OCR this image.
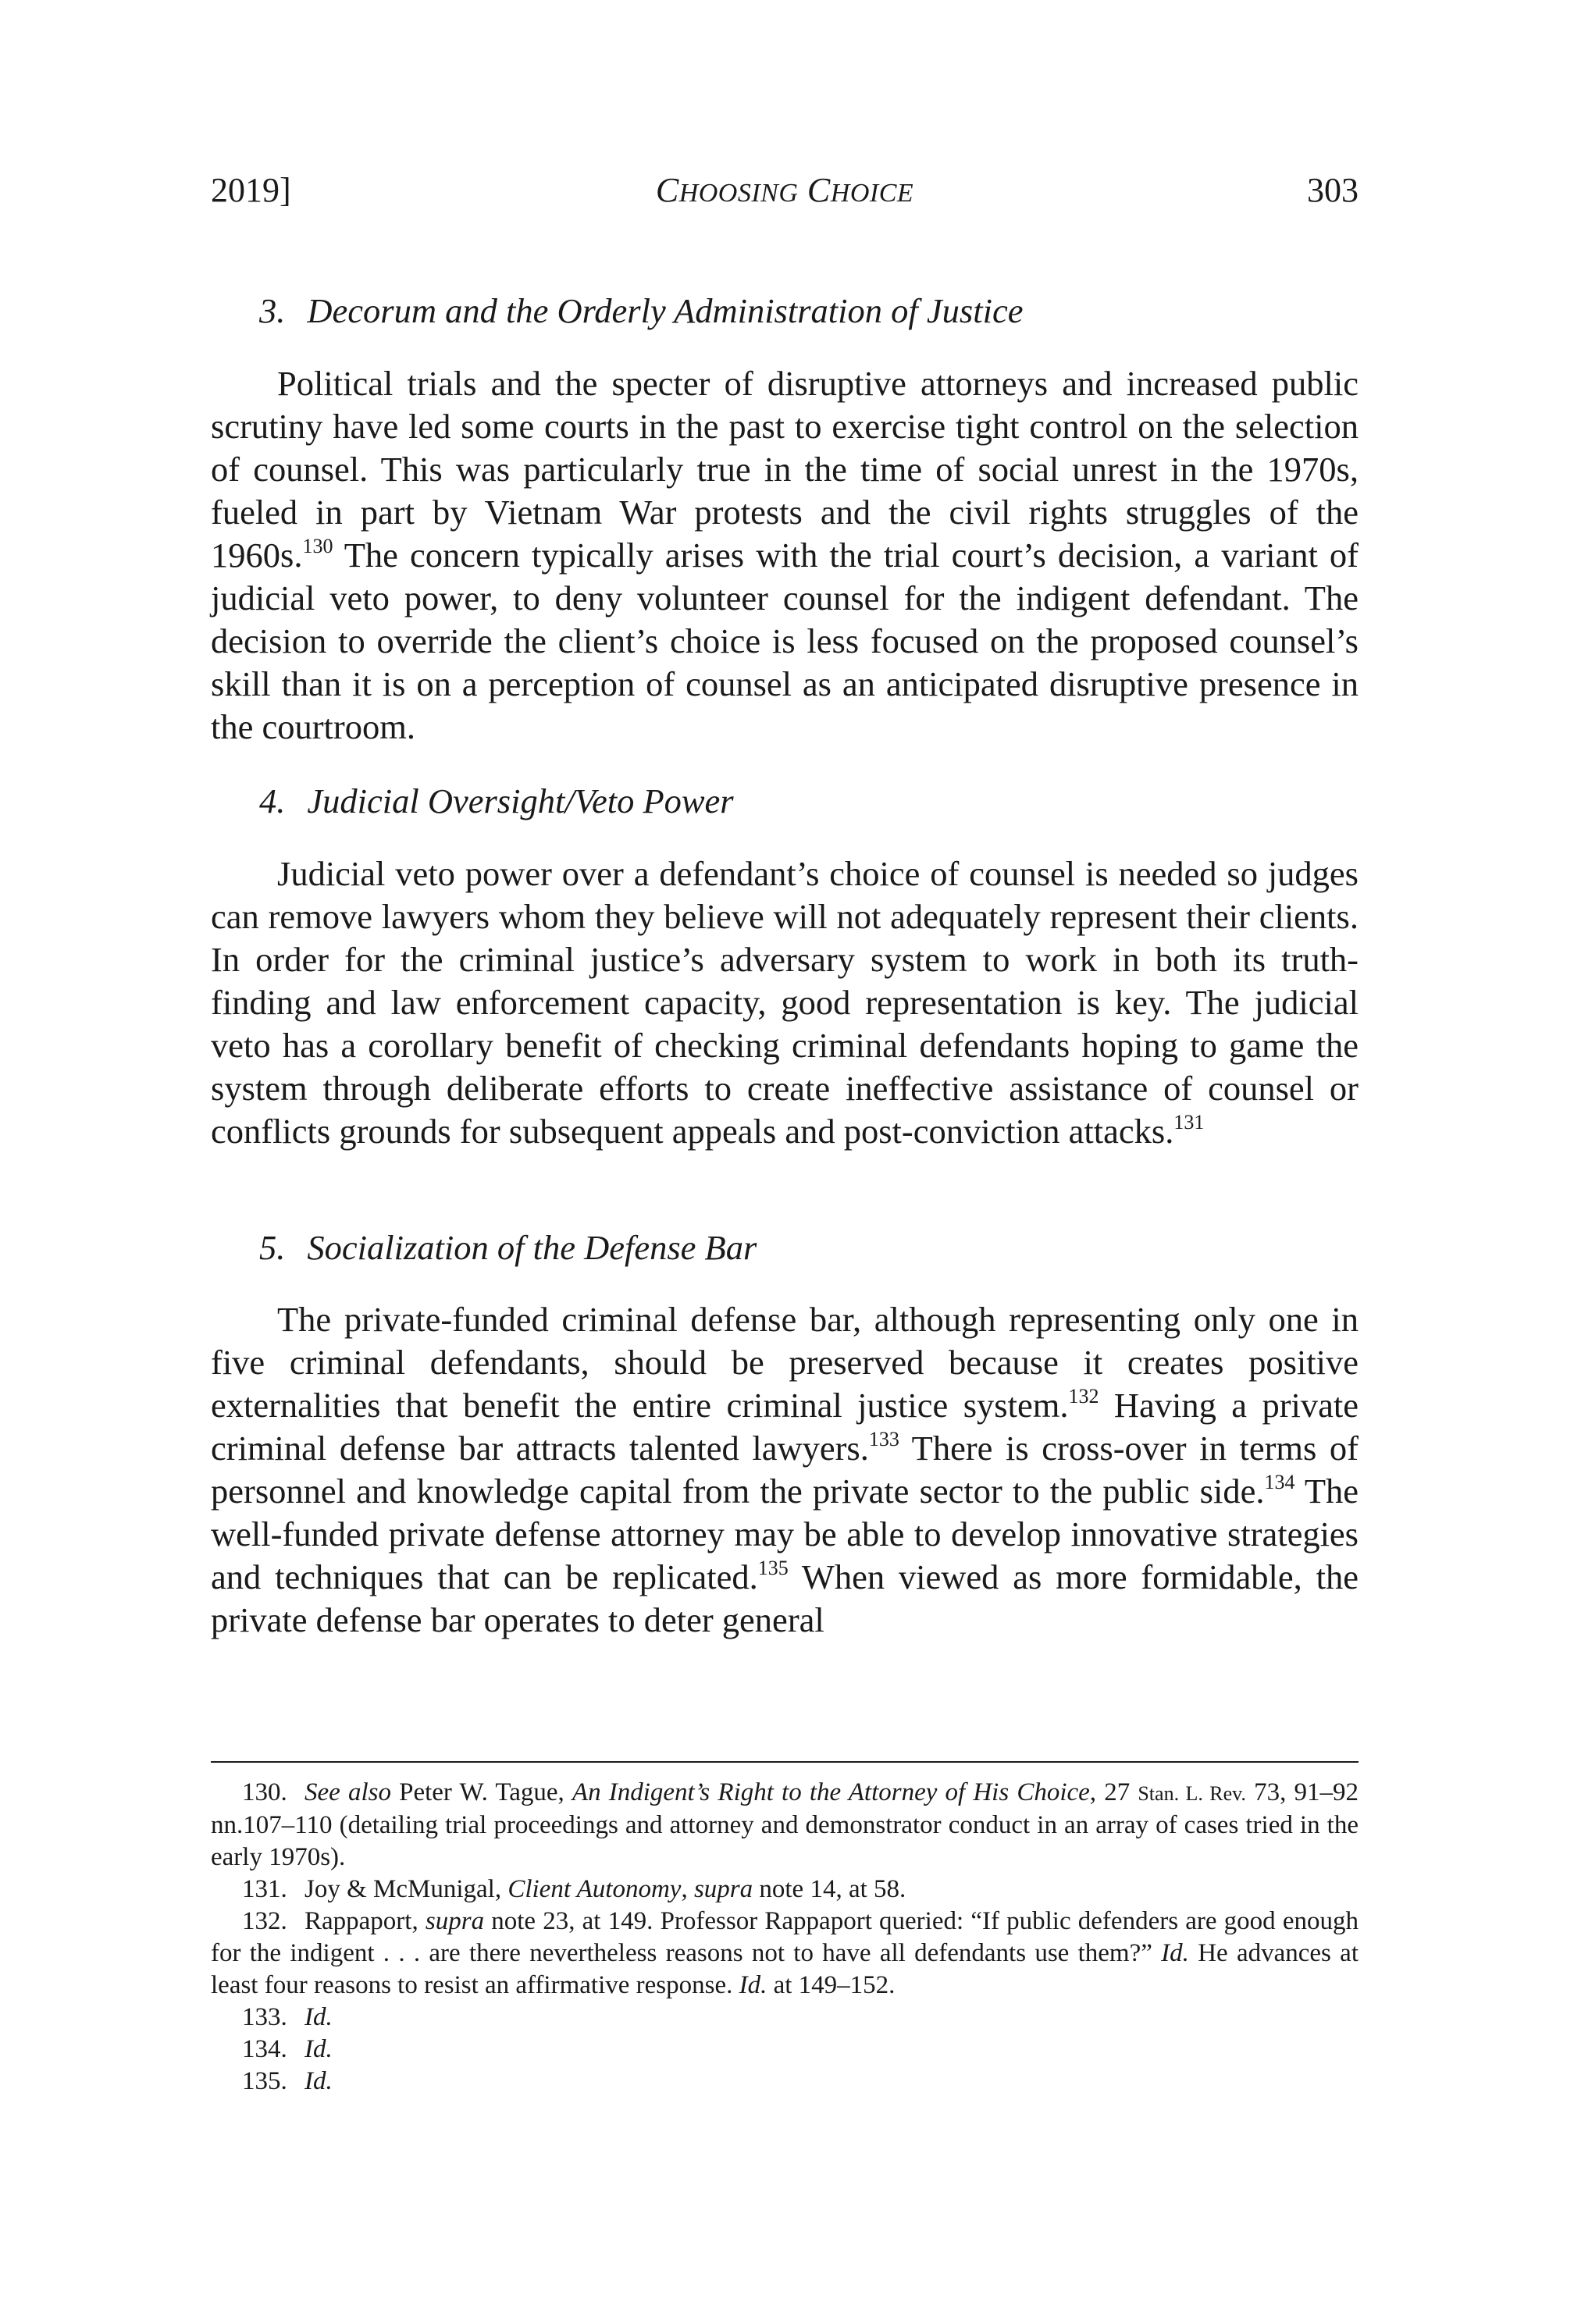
2019]	CHOOSING CHOICE	303
3. Decorum and the Orderly Administration of Justice

Political trials and the specter of disruptive attorneys and increased public scrutiny have led some courts in the past to exercise tight control on the selection of counsel. This was particularly true in the time of social unrest in the 1970s, fueled in part by Vietnam War protests and the civil rights struggles of the 1960s.$^{130}$ The concern typically arises with the trial court’s decision, a variant of judicial veto power, to deny volunteer counsel for the indigent defendant. The decision to override the client’s choice is less focused on the proposed counsel’s skill than it is on a perception of counsel as an anticipated disruptive presence in the courtroom.

4. Judicial Oversight/Veto Power

Judicial veto power over a defendant’s choice of counsel is needed so judges can remove lawyers whom they believe will not adequately represent their clients. In order for the criminal justice’s adversary system to work in both its truth-finding and law enforcement capacity, good representation is key. The judicial veto has a corollary benefit of checking criminal defendants hoping to game the system through deliberate efforts to create ineffective assistance of counsel or conflicts grounds for subsequent appeals and post-conviction attacks.$^{131}$

5. Socialization of the Defense Bar

The private-funded criminal defense bar, although representing only one in five criminal defendants, should be preserved because it creates positive externalities that benefit the entire criminal justice system.$^{132}$ Having a private criminal defense bar attracts talented lawyers.$^{133}$ There is cross-over in terms of personnel and knowledge capital from the private sector to the public side.$^{134}$ The well-funded private defense attorney may be able to develop innovative strategies and techniques that can be replicated.$^{135}$ When viewed as more formidable, the private defense bar operates to deter general

130. See also Peter W. Tague, An Indigent’s Right to the Attorney of His Choice, 27 Stan. L. Rev. 73, 91–92 nn.107–110 (detailing trial proceedings and attorney and demonstrator conduct in an array of cases tried in the early 1970s).

131. Joy & McMunigal, Client Autonomy, supra note 14, at 58.

132. Rappaport, supra note 23, at 149. Professor Rappaport queried: “If public defenders are good enough for the indigent . . . are there nevertheless reasons not to have all defendants use them?” Id. He advances at least four reasons to resist an affirmative response. Id. at 149–152.

133. Id.

134. Id.

135. Id.
